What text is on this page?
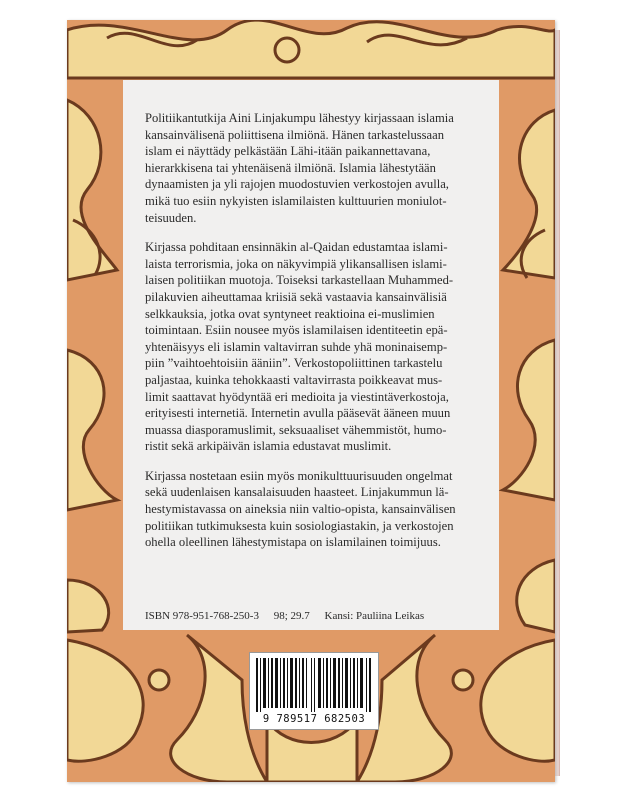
Politiikantutkija Aini Linjakumpu lähestyy kirjassaan islamia
kansainvälisenä poliittisena ilmiönä. Hänen tarkastelussaan
islam ei näyttädy pelkästään Lähi-itään paikannettavana,
hierarkkisena tai yhtenäisenä ilmiönä. Islamia lähestytään
dynaamisten ja yli rajojen muodostuvien verkostojen avulla,
mikä tuo esiin nykyisten islamilaisten kulttuurien moniulot-
teisuuden.

Kirjassa pohditaan ensinnäkin al-Qaidan edustamtaa islami-
laista terrorismia, joka on näkyvimpiä ylikansallisen islami-
laisen politiikan muotoja. Toiseksi tarkastellaan Muhammed-
pilakuvien aiheuttamaa kriisiä sekä vastaavia kansainvälisiä
selkkauksia, jotka ovat syntyneet reaktioina ei-muslimien
toimintaan. Esiin nousee myös islamilaisen identiteetin epä-
yhtenäisyys eli islamin valtavirran suhde yhä moninaisemp-
piin ”vaihtoehtoisiin ääniin”. Verkostopoliittinen tarkastelu
paljastaa, kuinka tehokkaasti valtavirrasta poikkeavat mus-
limit saattavat hyödyntää eri medioita ja viestintäverkostoja,
erityisesti internetiä. Internetin avulla pääsevät ääneen muun
muassa diasporamuslimit, seksuaaliset vähemmistöt, humo-
ristit sekä arkipäivän islamia edustavat muslimit.

Kirjassa nostetaan esiin myös monikulttuurisuuden ongelmat
sekä uudenlaisen kansalaisuuden haasteet. Linjakummun lä-
hestymistavassa on aineksia niin valtio-opista, kansainvälisen
politiikan tutkimuksesta kuin sosiologiastakin, ja verkostojen
ohella oleellinen lähestymistapa on islamilainen toimijuus.

ISBN 978-951-768-250-3 98; 29.7 Kansi: Pauliina Leikas
9 789517 682503
